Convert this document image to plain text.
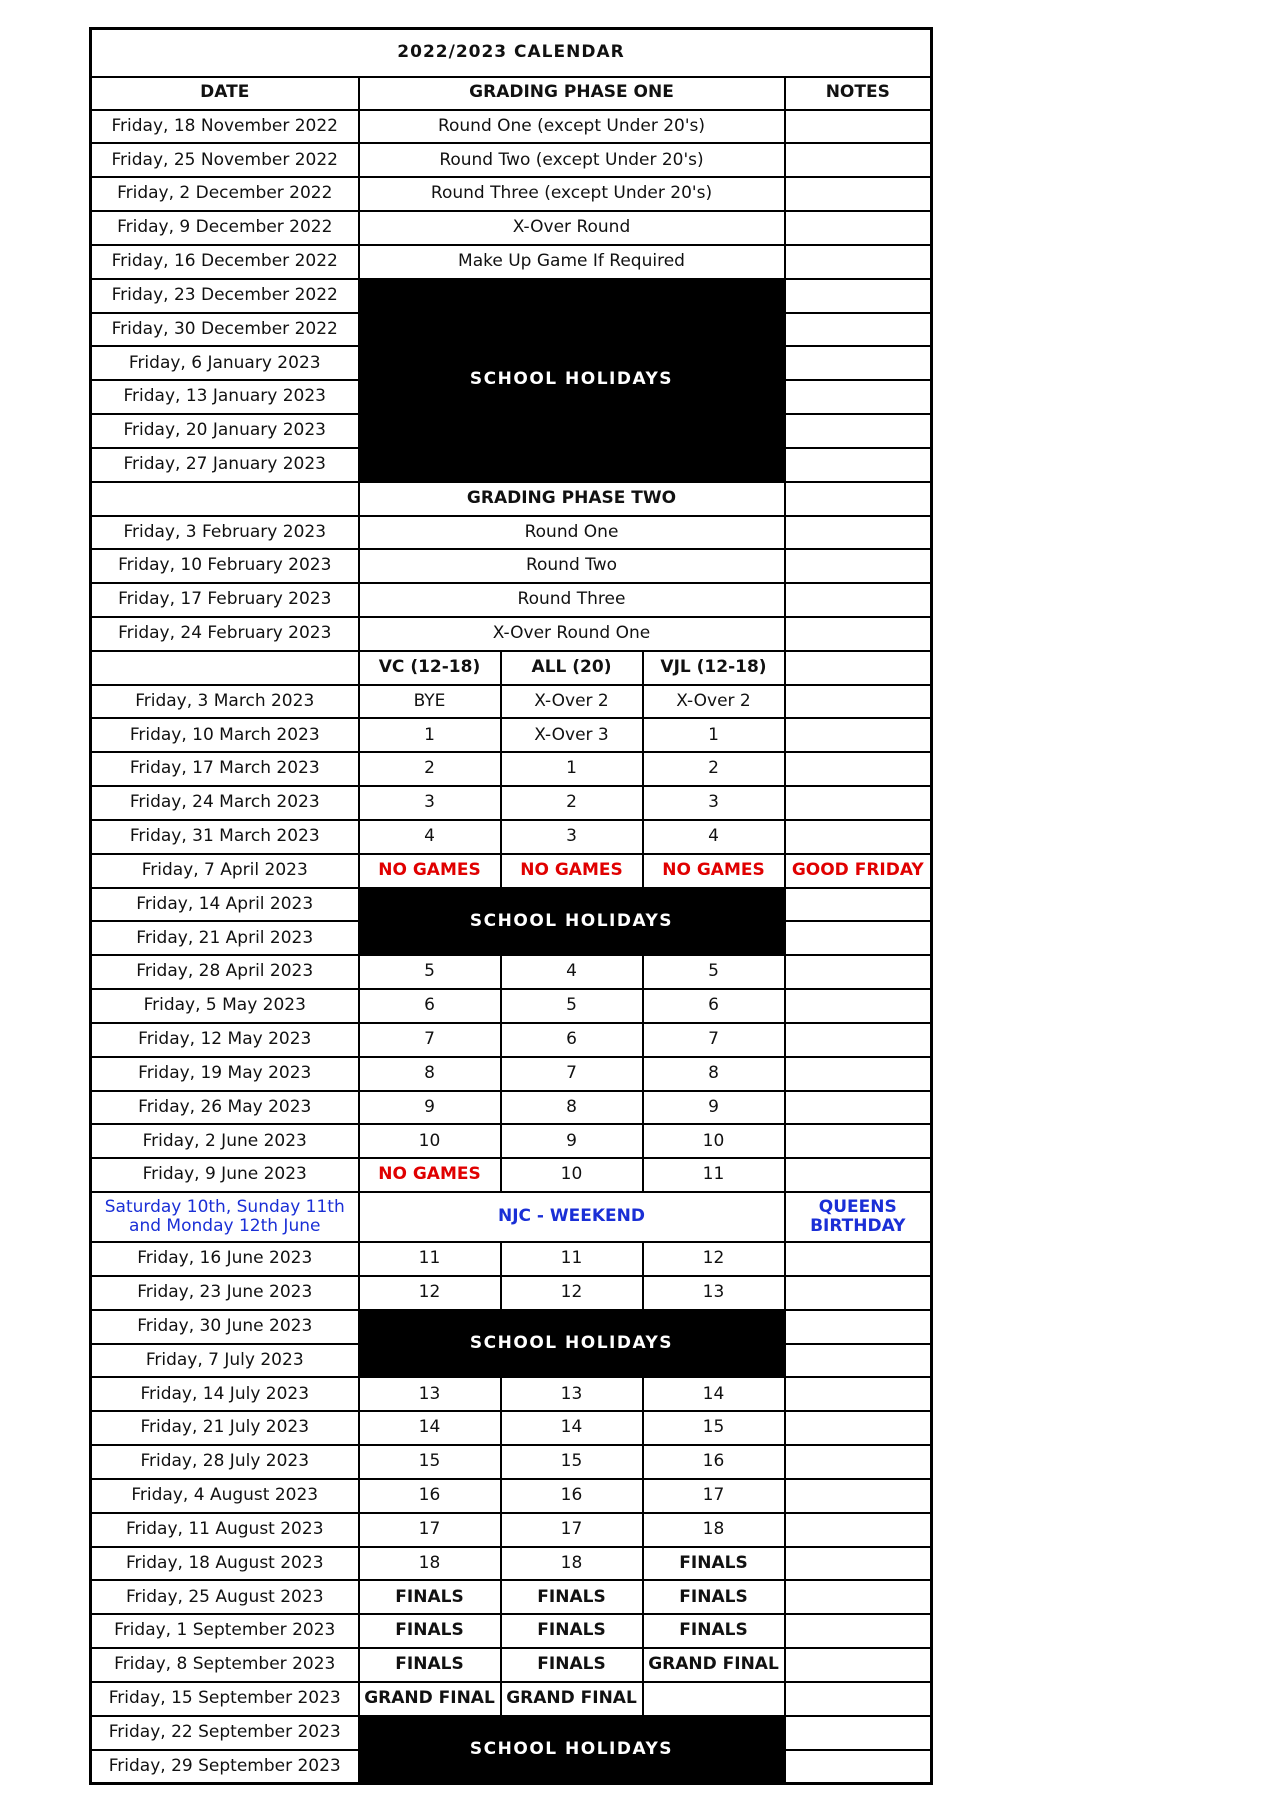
2022/2023 CALENDAR				
DATE	GRADING PHASE ONE			NOTES
Friday, 18 November 2022	Round One (except Under 20's)			
Friday, 25 November 2022	Round Two (except Under 20's)			
Friday, 2 December 2022	Round Three (except Under 20's)			
Friday, 9 December 2022	X-Over Round			
Friday, 16 December 2022	Make Up Game If Required			
Friday, 23 December 2022	SCHOOL HOLIDAYS			
Friday, 30 December 2022				
Friday, 6 January 2023				
Friday, 13 January 2023				
Friday, 20 January 2023				
Friday, 27 January 2023				
	GRADING PHASE TWO			
Friday, 3 February 2023	Round One			
Friday, 10 February 2023	Round Two			
Friday, 17 February 2023	Round Three			
Friday, 24 February 2023	X-Over Round One			
	VC (12-18)	ALL (20)	VJL (12-18)	
Friday, 3 March 2023	BYE	X-Over 2	X-Over 2	
Friday, 10 March 2023	1	X-Over 3	1	
Friday, 17 March 2023	2	1	2	
Friday, 24 March 2023	3	2	3	
Friday, 31 March 2023	4	3	4	
Friday, 7 April 2023	NO GAMES	NO GAMES	NO GAMES	GOOD FRIDAY
Friday, 14 April 2023	SCHOOL HOLIDAYS			
Friday, 21 April 2023				
Friday, 28 April 2023	5	4	5	
Friday, 5 May 2023	6	5	6	
Friday, 12 May 2023	7	6	7	
Friday, 19 May 2023	8	7	8	
Friday, 26 May 2023	9	8	9	
Friday, 2 June 2023	10	9	10	
Friday, 9 June 2023	NO GAMES	10	11	
Saturday 10th, Sunday 11th and Monday 12th June	NJC - WEEKEND			QUEENS BIRTHDAY
Friday, 16 June 2023	11	11	12	
Friday, 23 June 2023	12	12	13	
Friday, 30 June 2023	SCHOOL HOLIDAYS			
Friday, 7 July 2023				
Friday, 14 July 2023	13	13	14	
Friday, 21 July 2023	14	14	15	
Friday, 28 July 2023	15	15	16	
Friday, 4 August 2023	16	16	17	
Friday, 11 August 2023	17	17	18	
Friday, 18 August 2023	18	18	FINALS	
Friday, 25 August 2023	FINALS	FINALS	FINALS	
Friday, 1 September 2023	FINALS	FINALS	FINALS	
Friday, 8 September 2023	FINALS	FINALS	GRAND FINAL	
Friday, 15 September 2023	GRAND FINAL	GRAND FINAL		
Friday, 22 September 2023	SCHOOL HOLIDAYS			
Friday, 29 September 2023				
